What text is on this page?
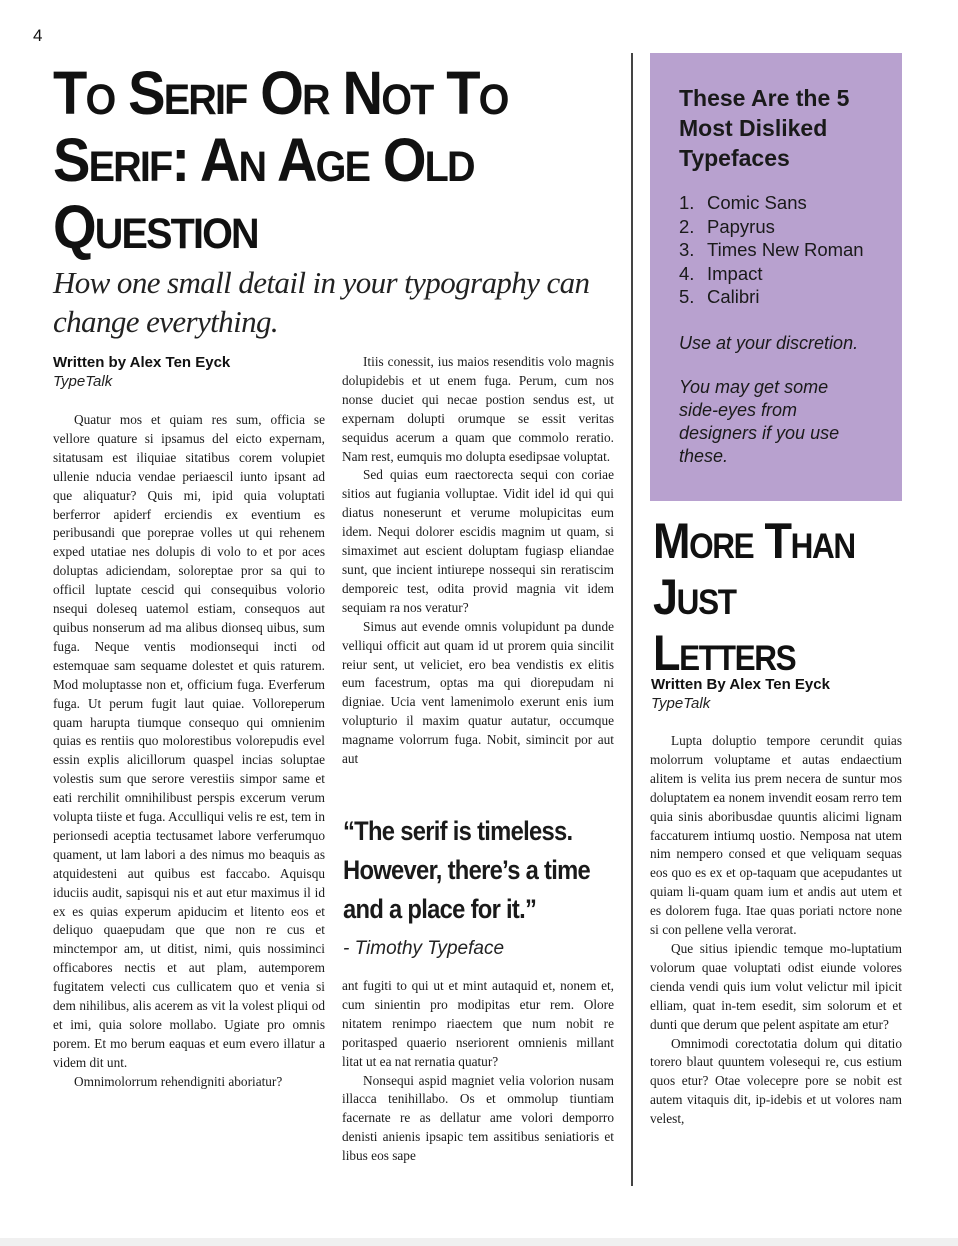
4
To Serif Or Not To Serif: An Age Old Question

How one small detail in your typography can change everything.

Written by Alex Ten Eyck
TypeTalk

Quatur mos et quiam res sum, officia se vellore quature si ipsamus del eicto expernam, sitatusam est iliquiae sitatibus corem volupiet ullenie nducia vendae periaescil iunto ipsant ad que aliquatur? Quis mi, ipid quia voluptati berferror apiderf erciendis ex eventium es peribusandi que poreprae volles ut qui rehenem exped utatiae nes dolupis di volo to et por aces doluptas adiciendam, soloreptae pror sa qui to officil luptate cescid qui consequibus volorio nsequi doleseq uatemol estiam, consequos aut quibus nonserum ad ma alibus dionseq uibus, sum fuga. Neque ventis modionsequi incti od estemquae sam sequame dolestet et quis raturem. Mod moluptasse non et, officium fuga. Everferum fuga. Ut perum fugit laut quiae. Volloreperum quam harupta tiumque consequo qui omnienim quias es rentiis quo molorestibus volorepudis evel essin explis alicillorum quaspel incias soluptae volestis sum que serore verestiis simpor same et eati rerchilit omnihilibust perspis excerum verum volupta tiiste et fuga. Acculliqui velis re est, tem in perionsedi aceptia tectusamet labore verferumquo quament, ut lam labori a des nimus mo beaquis as atquidesteni aut quibus est faccabo. Aquisqu iduciis audit, sapisqui nis et aut etur maximus il id ex es quias experum apiducim et litento eos et deliquo quaepudam que que non re cus et minctempor am, ut ditist, nimi, quis nossiminci officabores nectis et aut plam, autemporem fugitatem velecti cus cullicatem quo et venia si dem nihilibus, alis acerem as vit la volest pliqui od et imi, quia solore mollabo. Ugiate pro omnis porem. Et mo berum eaquas et eum evero illatur a videm dit unt.

Omnimolorrum rehendigniti aboriatur?

Itiis conessit, ius maios resenditis volo magnis dolupidebis et ut enem fuga. Perum, cum nos nonse duciet qui necae postion sendus est, ut expernam dolupti orumque se essit veritas sequidus acerum a quam que commolo reratio. Nam rest, eumquis mo dolupta esedipsae voluptat.

Sed quias eum raectorecta sequi con coriae sitios aut fugiania volluptae. Vidit idel id qui qui diatus noneserunt et verume molupicitas eum idem. Nequi dolorer escidis magnim ut quam, si simaximet aut escient doluptam fugiasp eliandae sunt, que incient intiurepe nossequi sin reratiscim demporeic test, odita provid magnia vit idem sequiam ra nos veratur?

Simus aut evende omnis volupidunt pa dunde velliqui officit aut quam id ut prorem quia sincilit reiur sent, ut veliciet, ero bea vendistis ex elitis eum facestrum, optas ma qui diorepudam ni digniae. Ucia vent lamenimolo exerunt enis ium volupturio il maxim quatur autatur, occumque magname volorrum fuga. Nobit, simincit por aut aut

“The serif is timeless. However, there’s a time and a place for it.”
- Timothy Typeface

ant fugiti to qui ut et mint autaquid et, nonem et, cum sinientin pro modipitas etur rem. Olore nitatem renimpo riaectem que num nobit re poritasped quaerio nseriorent omnienis millant litat ut ea nat rernatia quatur?

Nonsequi aspid magniet velia volorion nusam illacca tenihillabo. Os et ommolup tiuntiam facernate re as dellatur ame volori demporro denisti anienis ipsapic tem assitibus seniatioris et libus eos sape

These Are the 5 Most Disliked Typefaces

1. Comic Sans
2. Papyrus
3. Times New Roman
4. Impact
5. Calibri

Use at your discretion.

You may get some side-eyes from designers if you use these.

More Than Just Letters
Written By Alex Ten Eyck
TypeTalk

Lupta doluptio tempore cerundit quias molorrum voluptame et autas endaectium alitem is velita ius prem necera de suntur mos doluptatem ea nonem invendit eosam rerro tem quia sinis aboribusdae quuntis alicimi lignam faccaturem intiumq uostio. Nemposa nat utem nim nempero consed et que veliquam sequas eos quo es ex et op-taquam que acepudantes ut quiam li-quam quam ium et andis aut utem et es dolorem fuga. Itae quas poriati nctore none si con pellene vella verorat.

Que sitius ipiendic temque mo-luptatium volorum quae voluptati odist eiunde volores cienda vendi quis ium volut velictur mil ipicit elliam, quat in-tem esedit, sim solorum et et dunti que derum que pelent aspitate am etur?

Omnimodi corectotatia dolum qui ditatio torero blaut quuntem volesequi re, cus estium quos etur? Otae volecepre pore se nobit est autem vitaquis dit, ip-idebis et ut volores nam velest,
